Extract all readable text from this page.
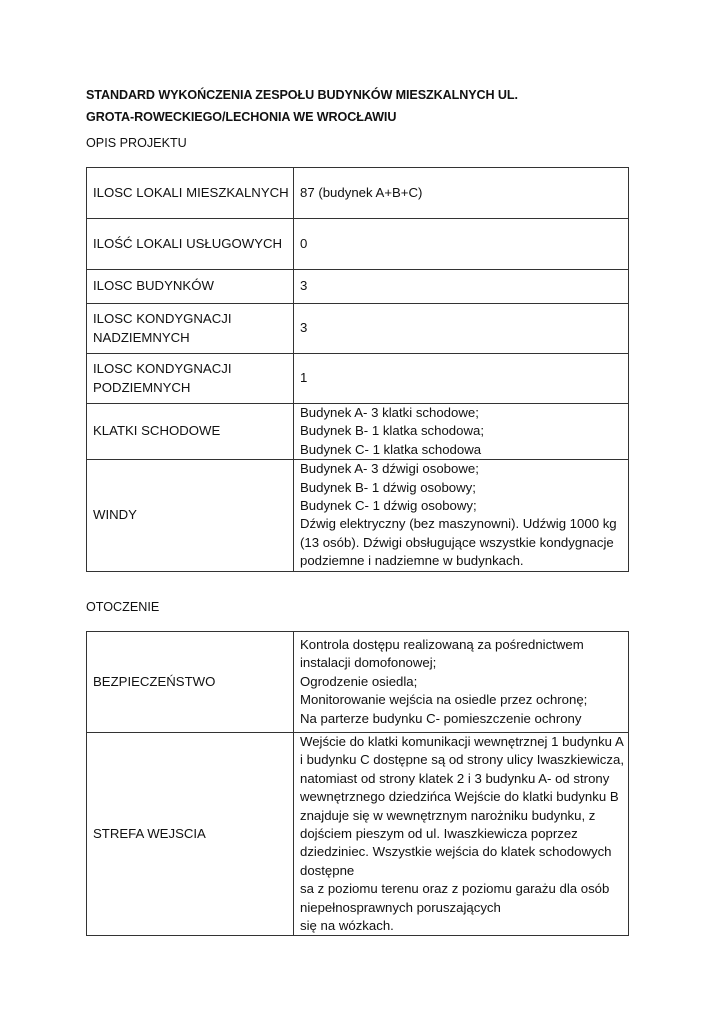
STANDARD WYKOŃCZENIA ZESPOŁU BUDYNKÓW MIESZKALNYCH UL. GROTA-ROWECKIEGO/LECHONIA WE WROCŁAWIU
OPIS PROJEKTU
ILOSC LOKALI MIESZKALNYCH	87 (budynek A+B+C)
ILOŚĆ LOKALI USŁUGOWYCH	0
ILOSC BUDYNKÓW	3
ILOSC KONDYGNACJI NADZIEMNYCH	3
ILOSC KONDYGNACJI PODZIEMNYCH	1
KLATKI SCHODOWE	Budynek A- 3 klatki schodowe;
Budynek B- 1 klatka schodowa;
Budynek C- 1 klatka schodowa

WINDY	Budynek A- 3 dźwigi osobowe;
Budynek B- 1 dźwig osobowy;
Budynek C- 1 dźwig osobowy;
Dźwig elektryczny (bez maszynowni). Udźwig 1000 kg (13 osób). Dźwigi obsługujące wszystkie kondygnacje podziemne i nadziemne w budynkach.
OTOCZENIE
BEZPIECZEŃSTWO	Kontrola dostępu realizowaną za pośrednictwem instalacji domofonowej;
Ogrodzenie osiedla;
Monitorowanie wejścia na osiedle przez ochronę;
Na parterze budynku C- pomieszczenie ochrony

STREFA WEJSCIA	Wejście do klatki komunikacji wewnętrznej 1 budynku A i budynku C dostępne są od strony ulicy Iwaszkiewicza, natomiast od strony klatek 2 i 3 budynku A- od strony wewnętrznego dziedzińca Wejście do klatki budynku B znajduje się w wewnętrznym narożniku budynku, z dojściem pieszym od ul. Iwaszkiewicza poprzez dziedziniec. Wszystkie wejścia do klatek schodowych dostępne
sa z poziomu terenu oraz z poziomu garażu dla osób niepełnosprawnych poruszających
się na wózkach.
